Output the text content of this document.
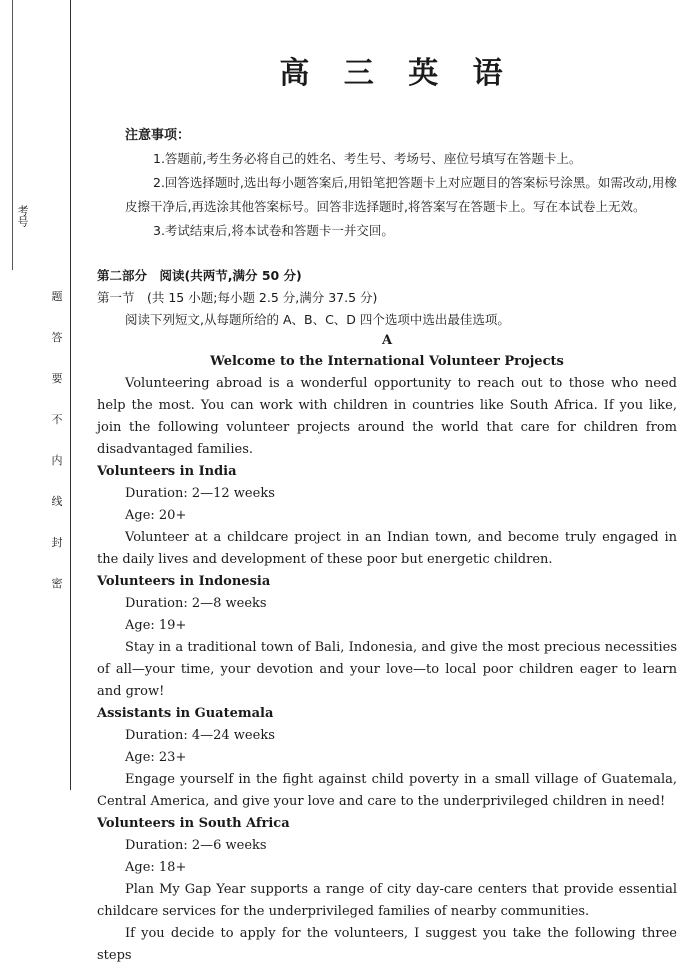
考号
题
答
要
不
内
线
封
密
高 三 英 语
注意事项：

1.答题前,考生务必将自己的姓名、考生号、考场号、座位号填写在答题卡上。

2.回答选择题时,选出每小题答案后,用铅笔把答题卡上对应题目的答案标号涂黑。如需改动,用橡皮擦干净后,再选涂其他答案标号。回答非选择题时,将答案写在答题卡上。写在本试卷上无效。

3.考试结束后,将本试卷和答题卡一并交回。

第二部分　阅读(共两节,满分 50 分)

第一节　(共 15 小题;每小题 2.5 分,满分 37.5 分)

阅读下列短文,从每题所给的 A、B、C、D 四个选项中选出最佳选项。

A

Welcome to the International Volunteer Projects

Volunteering abroad is a wonderful opportunity to reach out to those who need help the most. You can work with children in countries like South Africa. If you like, join the following volunteer projects around the world that care for children from disadvantaged families.

Volunteers in India

Duration: 2—12 weeks

Age: 20+

Volunteer at a childcare project in an Indian town, and become truly engaged in the daily lives and development of these poor but energetic children.

Volunteers in Indonesia

Duration: 2—8 weeks

Age: 19+

Stay in a traditional town of Bali, Indonesia, and give the most precious necessities of all—your time, your devotion and your love—to local poor children eager to learn and grow!

Assistants in Guatemala

Duration: 4—24 weeks

Age: 23+

Engage yourself in the fight against child poverty in a small village of Guatemala, Central America, and give your love and care to the underprivileged children in need!

Volunteers in South Africa

Duration: 2—6 weeks

Age: 18+

Plan My Gap Year supports a range of city day-care centers that provide essential childcare services for the underprivileged families of nearby communities.

If you decide to apply for the volunteers, I suggest you take the following three steps
